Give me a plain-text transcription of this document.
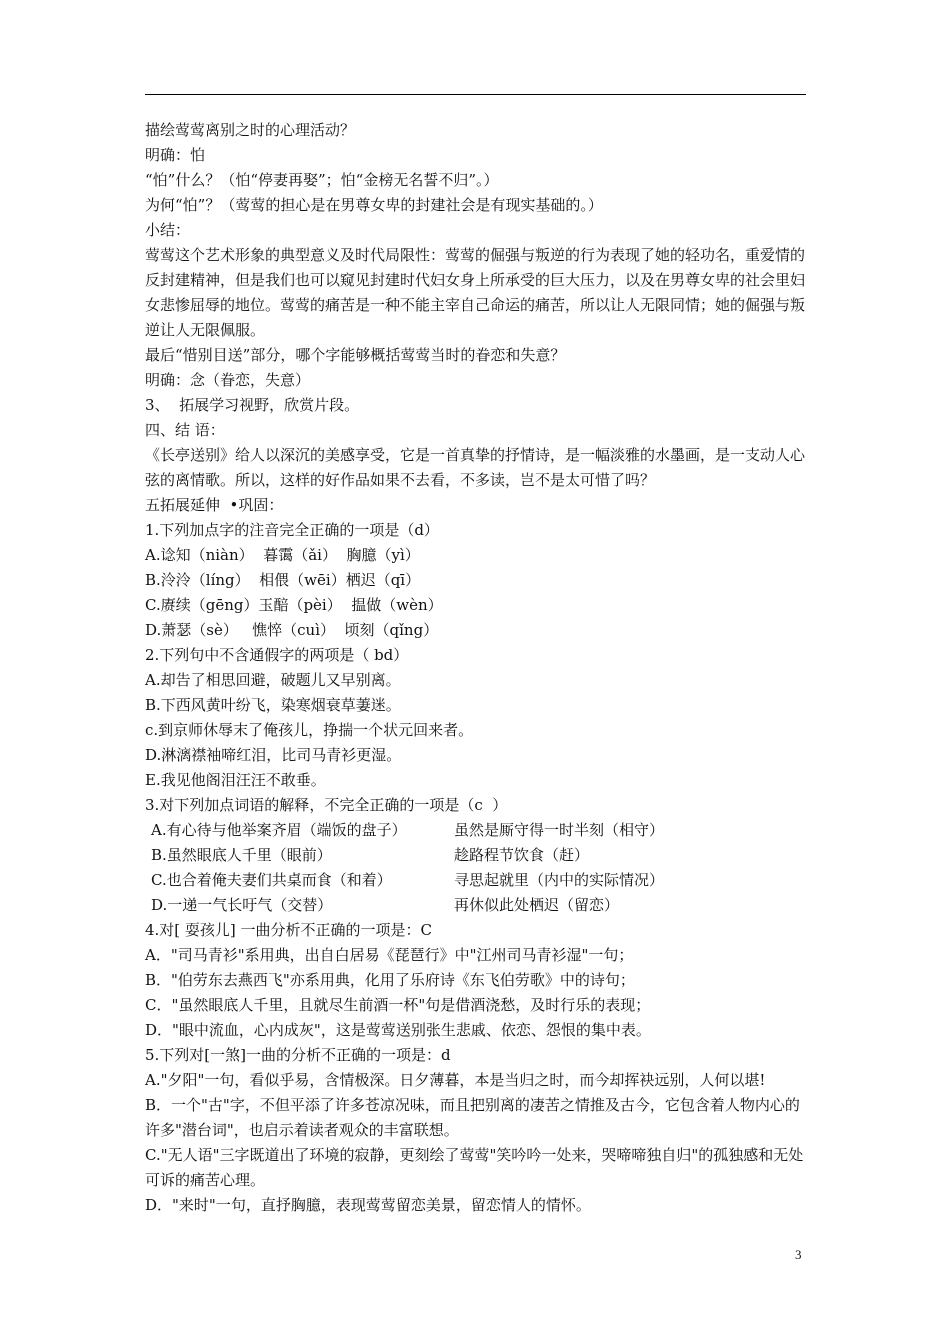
描绘莺莺离别之时的心理活动？
明确：怕
“怕”什么？（怕“停妻再娶”；怕“金榜无名誓不归”。）
为何“怕”？（莺莺的担心是在男尊女卑的封建社会是有现实基础的。）
小结：
莺莺这个艺术形象的典型意义及时代局限性：莺莺的倔强与叛逆的行为表现了她的轻功名，重爱情的反封建精神，但是我们也可以窥见封建时代妇女身上所承受的巨大压力，以及在男尊女卑的社会里妇女悲惨屈辱的地位。莺莺的痛苦是一种不能主宰自己命运的痛苦，所以让人无限同情；她的倔强与叛逆让人无限佩服。
最后“惜别目送”部分，哪个字能够概括莺莺当时的眷恋和失意？
明确：念（眷恋，失意）
3、  拓展学习视野，欣赏片段。
四、结 语：
《长亭送别》给人以深沉的美感享受，它是一首真挚的抒情诗，是一幅淡雅的水墨画，是一支动人心弦的离情歌。所以，这样的好作品如果不去看，不多读，岂不是太可惜了吗？
五拓展延伸  •巩固：
1.下列加点字的注音完全正确的一项是（d）
A.谂知（niàn）  暮霭（ǎi）  胸臆（yì）
B.泠泠（líng）  相偎（wēi）栖迟（qī）
C.赓续（gēng）玉醅（pèi）  揾做（wèn）
D.萧瑟（sè）   憔悴（cuì）  顷刻（qǐng）
2.下列句中不含通假字的两项是（ bd）
A.却告了相思回避，破题儿又早别离。
B.下西风黄叶纷飞，染寒烟衰草萋迷。
c.到京师休辱末了俺孩儿，挣揣一个状元回来者。
D.淋漓襟袖啼红泪，比司马青衫更湿。
E.我见他阁泪汪汪不敢垂。
3.对下列加点词语的解释，不完全正确的一项是（c  ）
A.有心待与他举案齐眉（端饭的盘子）	虽然是厮守得一时半刻（相守）
B.虽然眼底人千里（眼前）	趁路程节饮食（赶）
C.也合着俺夫妻们共桌而食（和着）	寻思起就里（内中的实际情况）
D.一递一气长吁气（交替）	再休似此处栖迟（留恋）
4.对[ 耍孩儿] 一曲分析不正确的一项是：C
A．"司马青衫"系用典，出自白居易《琵琶行》中"江州司马青衫湿"一句；
B．"伯劳东去燕西飞"亦系用典，化用了乐府诗《东飞伯劳歌》中的诗句；
C．"虽然眼底人千里，且就尽生前酒一杯"句是借酒浇愁，及时行乐的表现；
D．"眼中流血，心内成灰"，这是莺莺送别张生悲戚、依恋、怨恨的集中表。
5.下列对[一煞]一曲的分析不正确的一项是：d
A."夕阳"一句，看似乎易，含情极深。日夕薄暮，本是当归之时，而今却挥袂远别，人何以堪!
B．一个"古"字，不但平添了许多苍凉况味，而且把别离的凄苦之情推及古今，它包含着人物内心的许多"潜台词"，也启示着读者观众的丰富联想。
C."无人语"三字既道出了环境的寂静，更刻绘了莺莺"笑吟吟一处来，哭啼啼独自归"的孤独感和无处可诉的痛苦心理。
D．"来时"一句，直抒胸臆，表现莺莺留恋美景，留恋情人的情怀。
3
